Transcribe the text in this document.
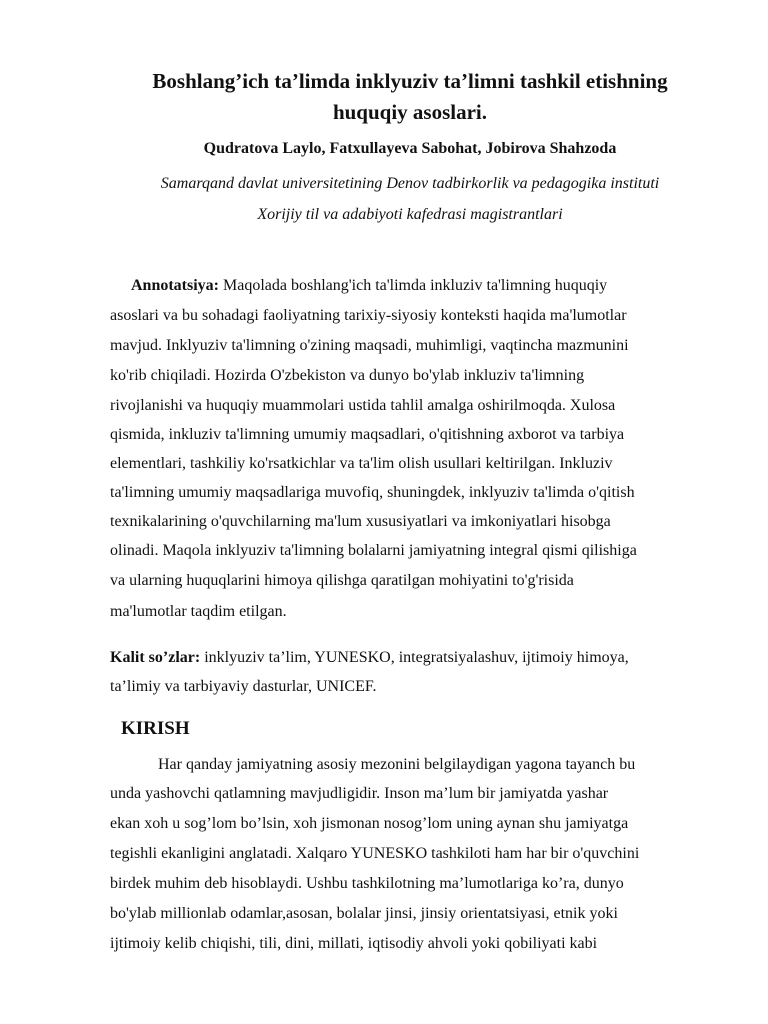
Boshlang’ich ta’limda inklyuziv ta’limni tashkil etishning
huquqiy asoslari.
Qudratova Laylo, Fatxullayeva Sabohat, Jobirova Shahzoda
Samarqand davlat universitetining Denov tadbirkorlik va pedagogika instituti
Xorijiy til va adabiyoti kafedrasi magistrantlari
Annotatsiya: Maqolada boshlang'ich ta'limda inkluziv ta'limning huquqiy
asoslari va bu sohadagi faoliyatning tarixiy-siyosiy konteksti haqida ma'lumotlar
mavjud. Inklyuziv ta'limning o'zining maqsadi, muhimligi, vaqtincha mazmunini
ko'rib chiqiladi. Hozirda O'zbekiston va dunyo bo'ylab inkluziv ta'limning
rivojlanishi va huquqiy muammolari ustida tahlil amalga oshirilmoqda. Xulosa
qismida, inkluziv ta'limning umumiy maqsadlari, o'qitishning axborot va tarbiya
elementlari, tashkiliy ko'rsatkichlar va ta'lim olish usullari keltirilgan. Inkluziv
ta'limning umumiy maqsadlariga muvofiq, shuningdek, inklyuziv ta'limda o'qitish
texnikalarining o'quvchilarning ma'lum xususiyatlari va imkoniyatlari hisobga
olinadi. Maqola inklyuziv ta'limning bolalarni jamiyatning integral qismi qilishiga
va ularning huquqlarini himoya qilishga qaratilgan mohiyatini to'g'risida
ma'lumotlar taqdim etilgan.
Kalit so’zlar: inklyuziv ta’lim, YUNESKO, integratsiyalashuv, ijtimoiy himoya,
ta’limiy va tarbiyaviy dasturlar, UNICEF.
KIRISH
Har qanday jamiyatning asosiy mezonini belgilaydigan yagona tayanch bu
unda yashovchi qatlamning mavjudligidir. Inson ma’lum bir jamiyatda yashar
ekan xoh u sog’lom bo’lsin, xoh jismonan nosog’lom uning aynan shu jamiyatga
tegishli ekanligini anglatadi. Xalqaro YUNESKO tashkiloti ham har bir o'quvchini
birdek muhim deb hisoblaydi. Ushbu tashkilotning ma’lumotlariga ko’ra, dunyo
bo'ylab millionlab odamlar,asosan, bolalar jinsi, jinsiy orientatsiyasi, etnik yoki
ijtimoiy kelib chiqishi, tili, dini, millati, iqtisodiy ahvoli yoki qobiliyati kabi
